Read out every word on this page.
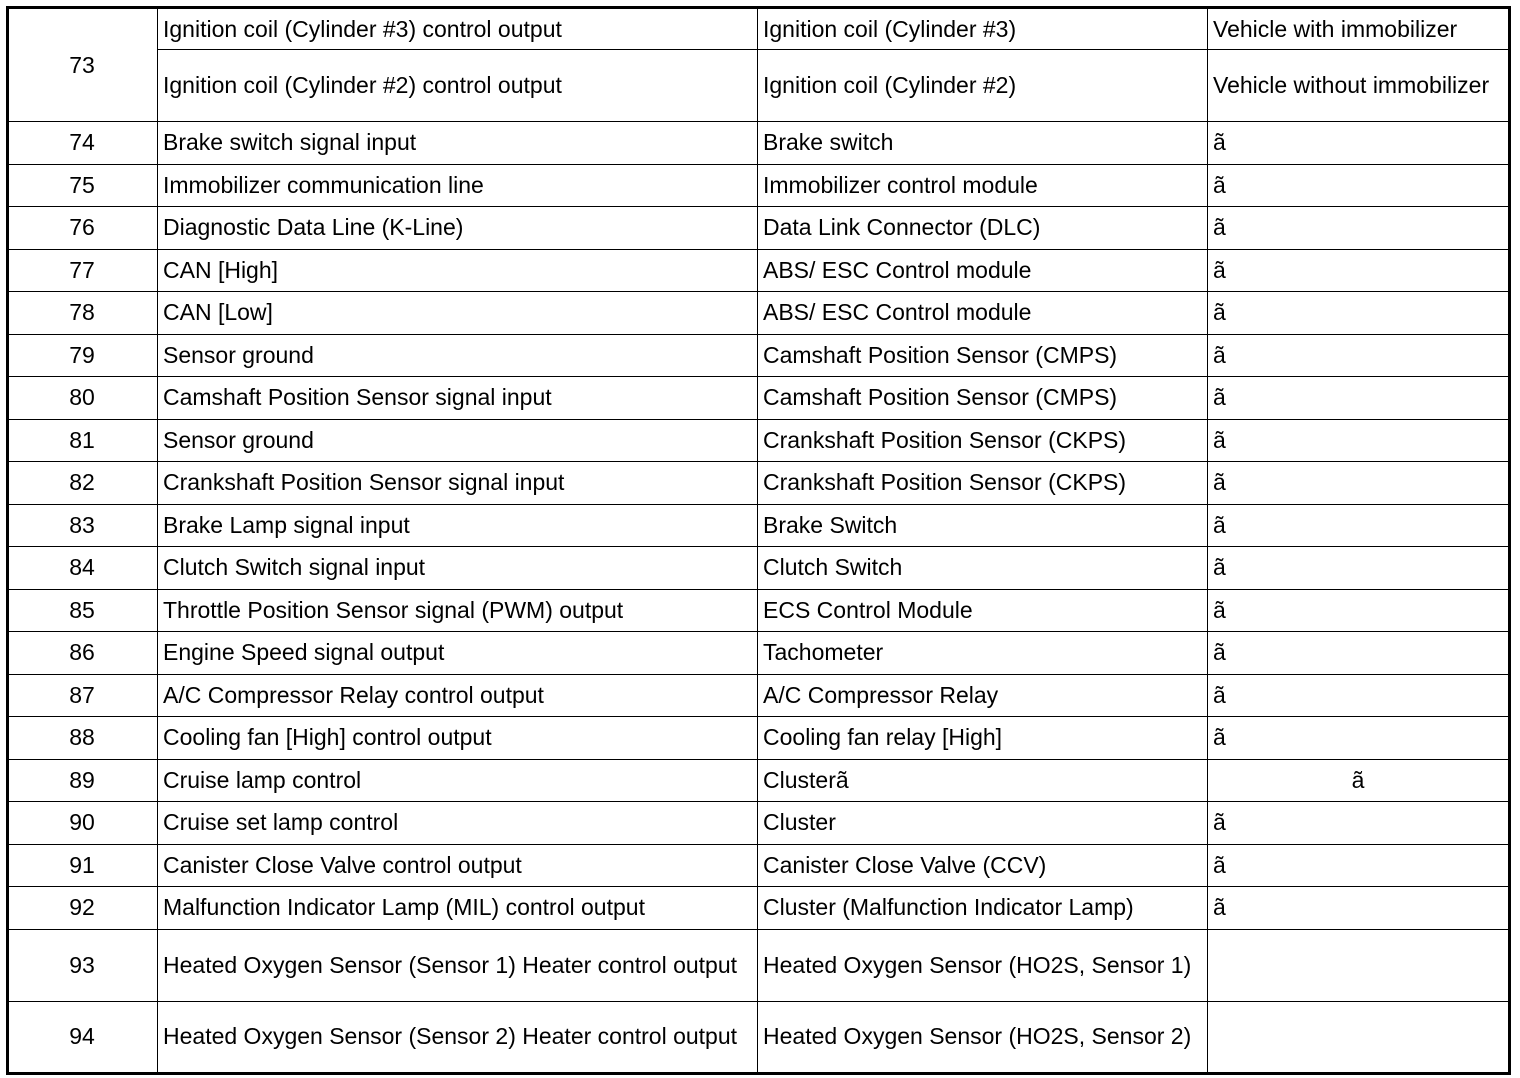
73	Ignition coil (Cylinder #3) control output	Ignition coil (Cylinder #3)	Vehicle with immobilizer
	Ignition coil (Cylinder #2) control output	Ignition coil (Cylinder #2)	Vehicle without immobilizer
74	Brake switch signal input	Brake switch	ã
75	Immobilizer communication line	Immobilizer control module	ã
76	Diagnostic Data Line (K-Line)	Data Link Connector (DLC)	ã
77	CAN [High]	ABS/ ESC Control module	ã
78	CAN [Low]	ABS/ ESC Control module	ã
79	Sensor ground	Camshaft Position Sensor (CMPS)	ã
80	Camshaft Position Sensor signal input	Camshaft Position Sensor (CMPS)	ã
81	Sensor ground	Crankshaft Position Sensor (CKPS)	ã
82	Crankshaft Position Sensor signal input	Crankshaft Position Sensor (CKPS)	ã
83	Brake Lamp signal input	Brake Switch	ã
84	Clutch Switch signal input	Clutch Switch	ã
85	Throttle Position Sensor signal (PWM) output	ECS Control Module	ã
86	Engine Speed signal output	Tachometer	ã
87	A/C Compressor Relay control output	A/C Compressor Relay	ã
88	Cooling fan [High] control output	Cooling fan relay [High]	ã
89	Cruise lamp control	Clusterã	ã
90	Cruise set lamp control	Cluster	ã
91	Canister Close Valve control output	Canister Close Valve (CCV)	ã
92	Malfunction Indicator Lamp (MIL) control output	Cluster (Malfunction Indicator Lamp)	ã
93	Heated Oxygen Sensor (Sensor 1) Heater control output	Heated Oxygen Sensor (HO2S, Sensor 1)	
94	Heated Oxygen Sensor (Sensor 2) Heater control output	Heated Oxygen Sensor (HO2S, Sensor 2)	
